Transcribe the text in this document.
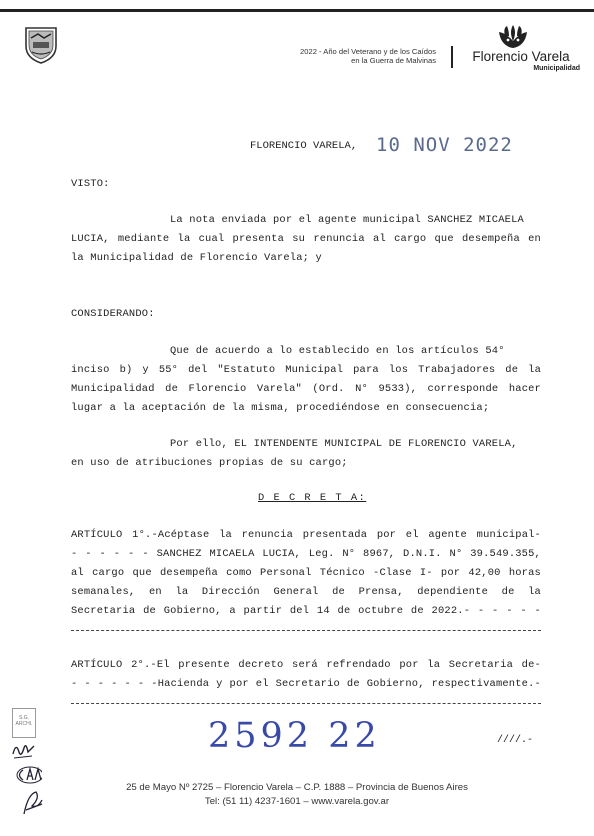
2022 - Año del Veterano y de los Caídos
en la Guerra de Malvinas	Florencio Varela
Municipalidad
FLORENCIO VARELA, 10 NOV 2022
VISTO:
La nota enviada por el agente municipal SANCHEZ MICAELA
LUCIA, mediante la cual presenta su renuncia al cargo que desempeña en
la Municipalidad de Florencio Varela; y
CONSIDERANDO:
Que de acuerdo a lo establecido en los artículos 54°
inciso b) y 55° del "Estatuto Municipal para los Trabajadores de la
Municipalidad de Florencio Varela" (Ord. N° 9533), corresponde hacer
lugar a la aceptación de la misma, procediéndose en consecuencia;
Por ello, EL INTENDENTE MUNICIPAL DE FLORENCIO VARELA,
en uso de atribuciones propias de su cargo;
D E C R E T A:
ARTÍCULO 1°.-Acéptase la renuncia presentada por el agente municipal-
- - - - - - SANCHEZ MICAELA LUCIA, Leg. N° 8967, D.N.I. N° 39.549.355,
al cargo que desempeña como Personal Técnico -Clase I- por 42,00 horas
semanales, en la Dirección General de Prensa, dependiente de la
Secretaria de Gobierno, a partir del 14 de octubre de 2022.- - - - - -
ARTÍCULO 2°.-El presente decreto será refrendado por la Secretaria de-
- - - - - - -Hacienda y por el Secretario de Gobierno, respectivamente.-
S.G.
ARCHI.	2592 22	////.-
25 de Mayo Nº 2725 – Florencio Varela – C.P. 1888 – Provincia de Buenos Aires
Tel: (51 11) 4237-1601 – www.varela.gov.ar
